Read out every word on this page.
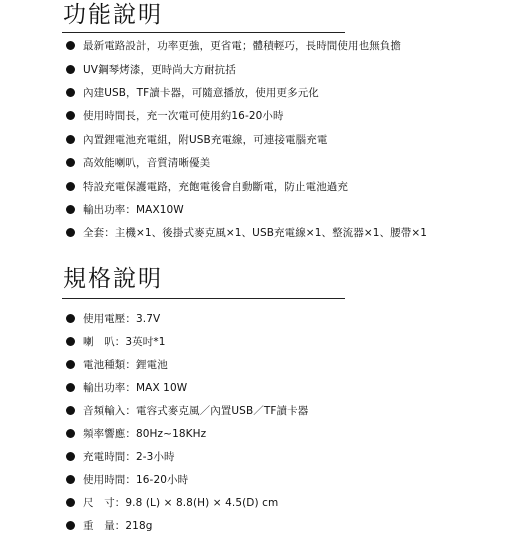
功能說明
最新電路設計，功率更強，更省電；體積輕巧，長時間使用也無負擔
UV鋼琴烤漆，更時尚大方耐抗括
內建USB，TF讀卡器，可隨意播放，使用更多元化
使用時間長，充一次電可使用約16-20小時
內置鋰電池充電組，附USB充電線，可連接電腦充電
高效能喇叭，音質清晰優美
特設充電保護電路，充飽電後會自動斷電，防止電池過充
輸出功率：MAX10W
全套：主機×1、後掛式麥克風×1、USB充電線×1、整流器×1、腰帶×1
規格說明
使用電壓：3.7V
喇　叭：3英吋*1
電池種類：鋰電池
輸出功率：MAX 10W
音頻輸入：電容式麥克風／內置USB／TF讀卡器
頻率響應：80Hz~18KHz
充電時間：2-3小時
使用時間：16-20小時
尺　寸：9.8 (L) × 8.8(H) × 4.5(D) cm
重　量：218g
